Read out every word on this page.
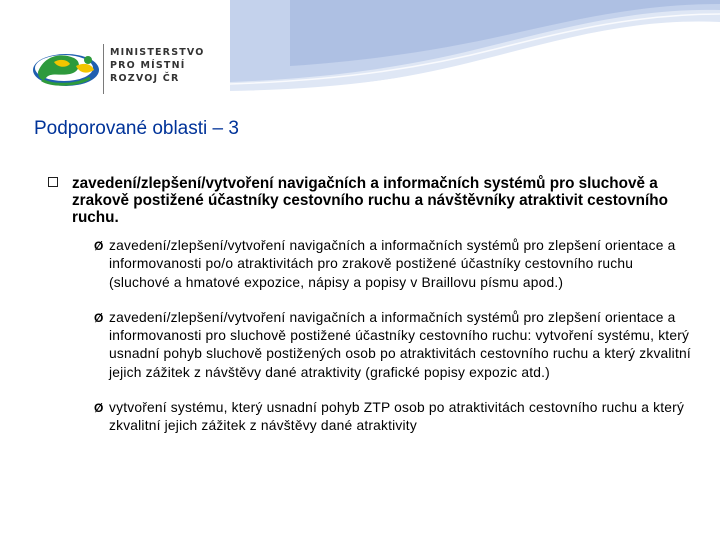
MINISTERSTVO
PRO MÍSTNÍ
ROZVOJ ČR

Podporované oblasti – 3

zavedení/zlepšení/vytvoření navigačních a informačních systémů pro sluchově a zrakově postižené účastníky cestovního ruchu a návštěvníky atraktivit cestovního ruchu.

Ø zavedení/zlepšení/vytvoření navigačních a informačních systémů pro zlepšení orientace a informovanosti po/o atraktivitách pro zrakově postižené účastníky cestovního ruchu (sluchové a hmatové expozice, nápisy a popisy v Braillovu písmu apod.)
Ø zavedení/zlepšení/vytvoření navigačních a informačních systémů pro zlepšení orientace a informovanosti pro sluchově postižené účastníky cestovního ruchu: vytvoření systému, který usnadní pohyb sluchově postižených osob po atraktivitách cestovního ruchu a který zkvalitní jejich zážitek z návštěvy dané atraktivity (grafické popisy expozic atd.)
Ø vytvoření systému, který usnadní pohyb ZTP osob po atraktivitách cestovního ruchu a který zkvalitní jejich zážitek z návštěvy dané atraktivity
